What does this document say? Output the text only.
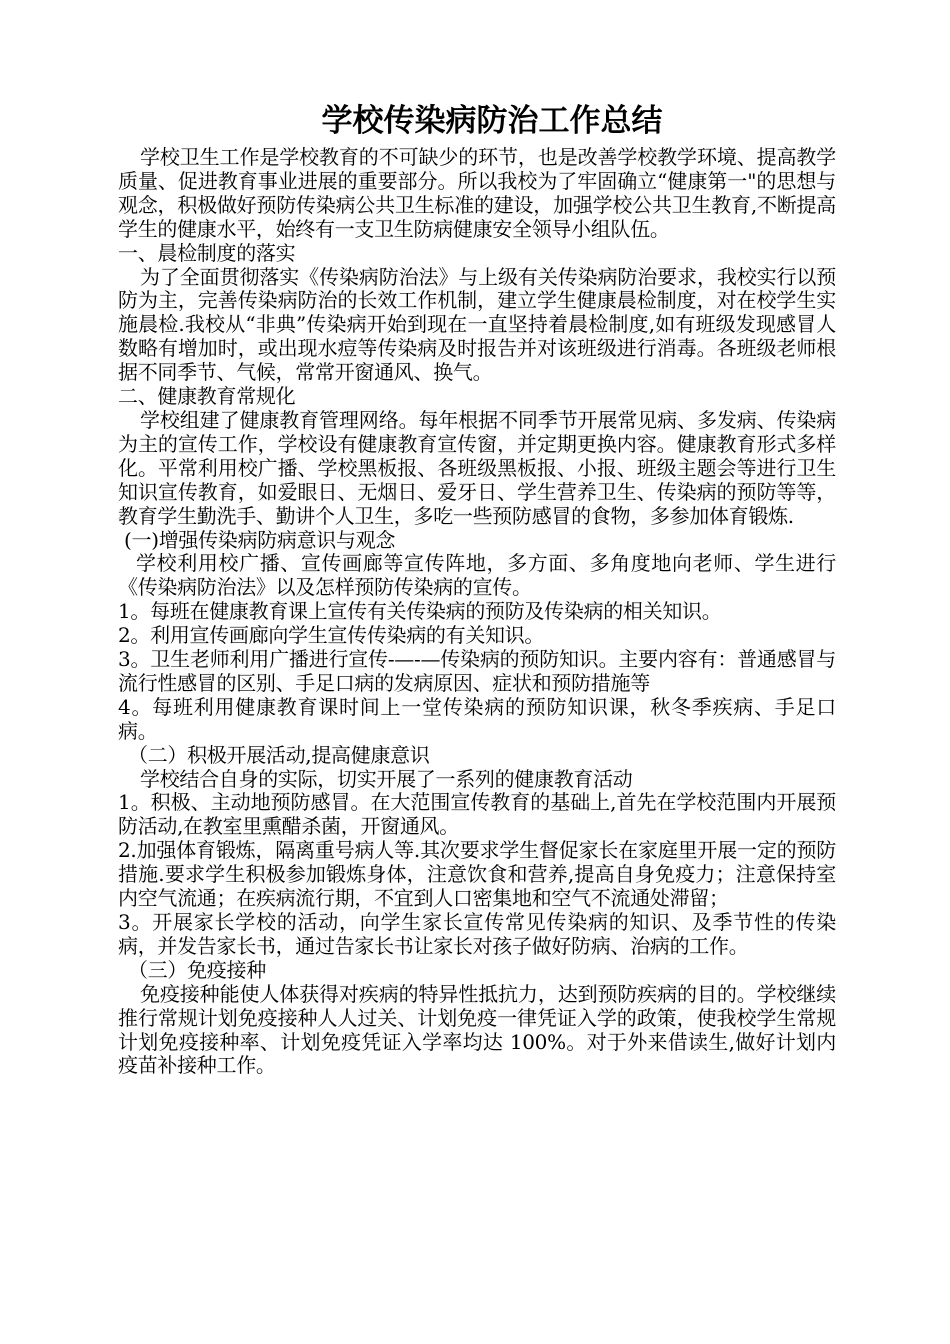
学校传染病防治工作总结

学校卫生工作是学校教育的不可缺少的环节，也是改善学校教学环境、提高教学质量、促进教育事业进展的重要部分。所以我校为了牢固确立“健康第一"的思想与观念，积极做好预防传染病公共卫生标准的建设，加强学校公共卫生教育,不断提高学生的健康水平，始终有一支卫生防病健康安全领导小组队伍。

一、晨检制度的落实

为了全面贯彻落实《传染病防治法》与上级有关传染病防治要求，我校实行以预防为主，完善传染病防治的长效工作机制，建立学生健康晨检制度，对在校学生实施晨检.我校从“非典”传染病开始到现在一直坚持着晨检制度,如有班级发现感冒人数略有增加时，或出现水痘等传染病及时报告并对该班级进行消毒。各班级老师根据不同季节、气候，常常开窗通风、换气。

二、健康教育常规化

学校组建了健康教育管理网络。每年根据不同季节开展常见病、多发病、传染病为主的宣传工作，学校设有健康教育宣传窗，并定期更换内容。健康教育形式多样化。平常利用校广播、学校黑板报、各班级黑板报、小报、班级主题会等进行卫生知识宣传教育，如爱眼日、无烟日、爱牙日、学生营养卫生、传染病的预防等等，教育学生勤洗手、勤讲个人卫生，多吃一些预防感冒的食物，多参加体育锻炼.

(一)增强传染病防病意识与观念

学校利用校广播、宣传画廊等宣传阵地，多方面、多角度地向老师、学生进行《传染病防治法》以及怎样预防传染病的宣传。

1。每班在健康教育课上宣传有关传染病的预防及传染病的相关知识。

2。利用宣传画廊向学生宣传传染病的有关知识。

3。卫生老师利用广播进行宣传-—-—传染病的预防知识。主要内容有：普通感冒与流行性感冒的区别、手足口病的发病原因、症状和预防措施等

4。每班利用健康教育课时间上一堂传染病的预防知识课，秋冬季疾病、手足口病。

（二）积极开展活动,提高健康意识

学校结合自身的实际，切实开展了一系列的健康教育活动

1。积极、主动地预防感冒。在大范围宣传教育的基础上,首先在学校范围内开展预防活动,在教室里熏醋杀菌，开窗通风。

2.加强体育锻炼，隔离重号病人等.其次要求学生督促家长在家庭里开展一定的预防措施.要求学生积极参加锻炼身体，注意饮食和营养,提高自身免疫力；注意保持室内空气流通；在疾病流行期，不宜到人口密集地和空气不流通处滞留；

3。开展家长学校的活动，向学生家长宣传常见传染病的知识、及季节性的传染病，并发告家长书，通过告家长书让家长对孩子做好防病、治病的工作。

（三）免疫接种

免疫接种能使人体获得对疾病的特异性抵抗力，达到预防疾病的目的。学校继续推行常规计划免疫接种人人过关、计划免疫一律凭证入学的政策，使我校学生常规计划免疫接种率、计划免疫凭证入学率均达 100%。对于外来借读生,做好计划内疫苗补接种工作。
